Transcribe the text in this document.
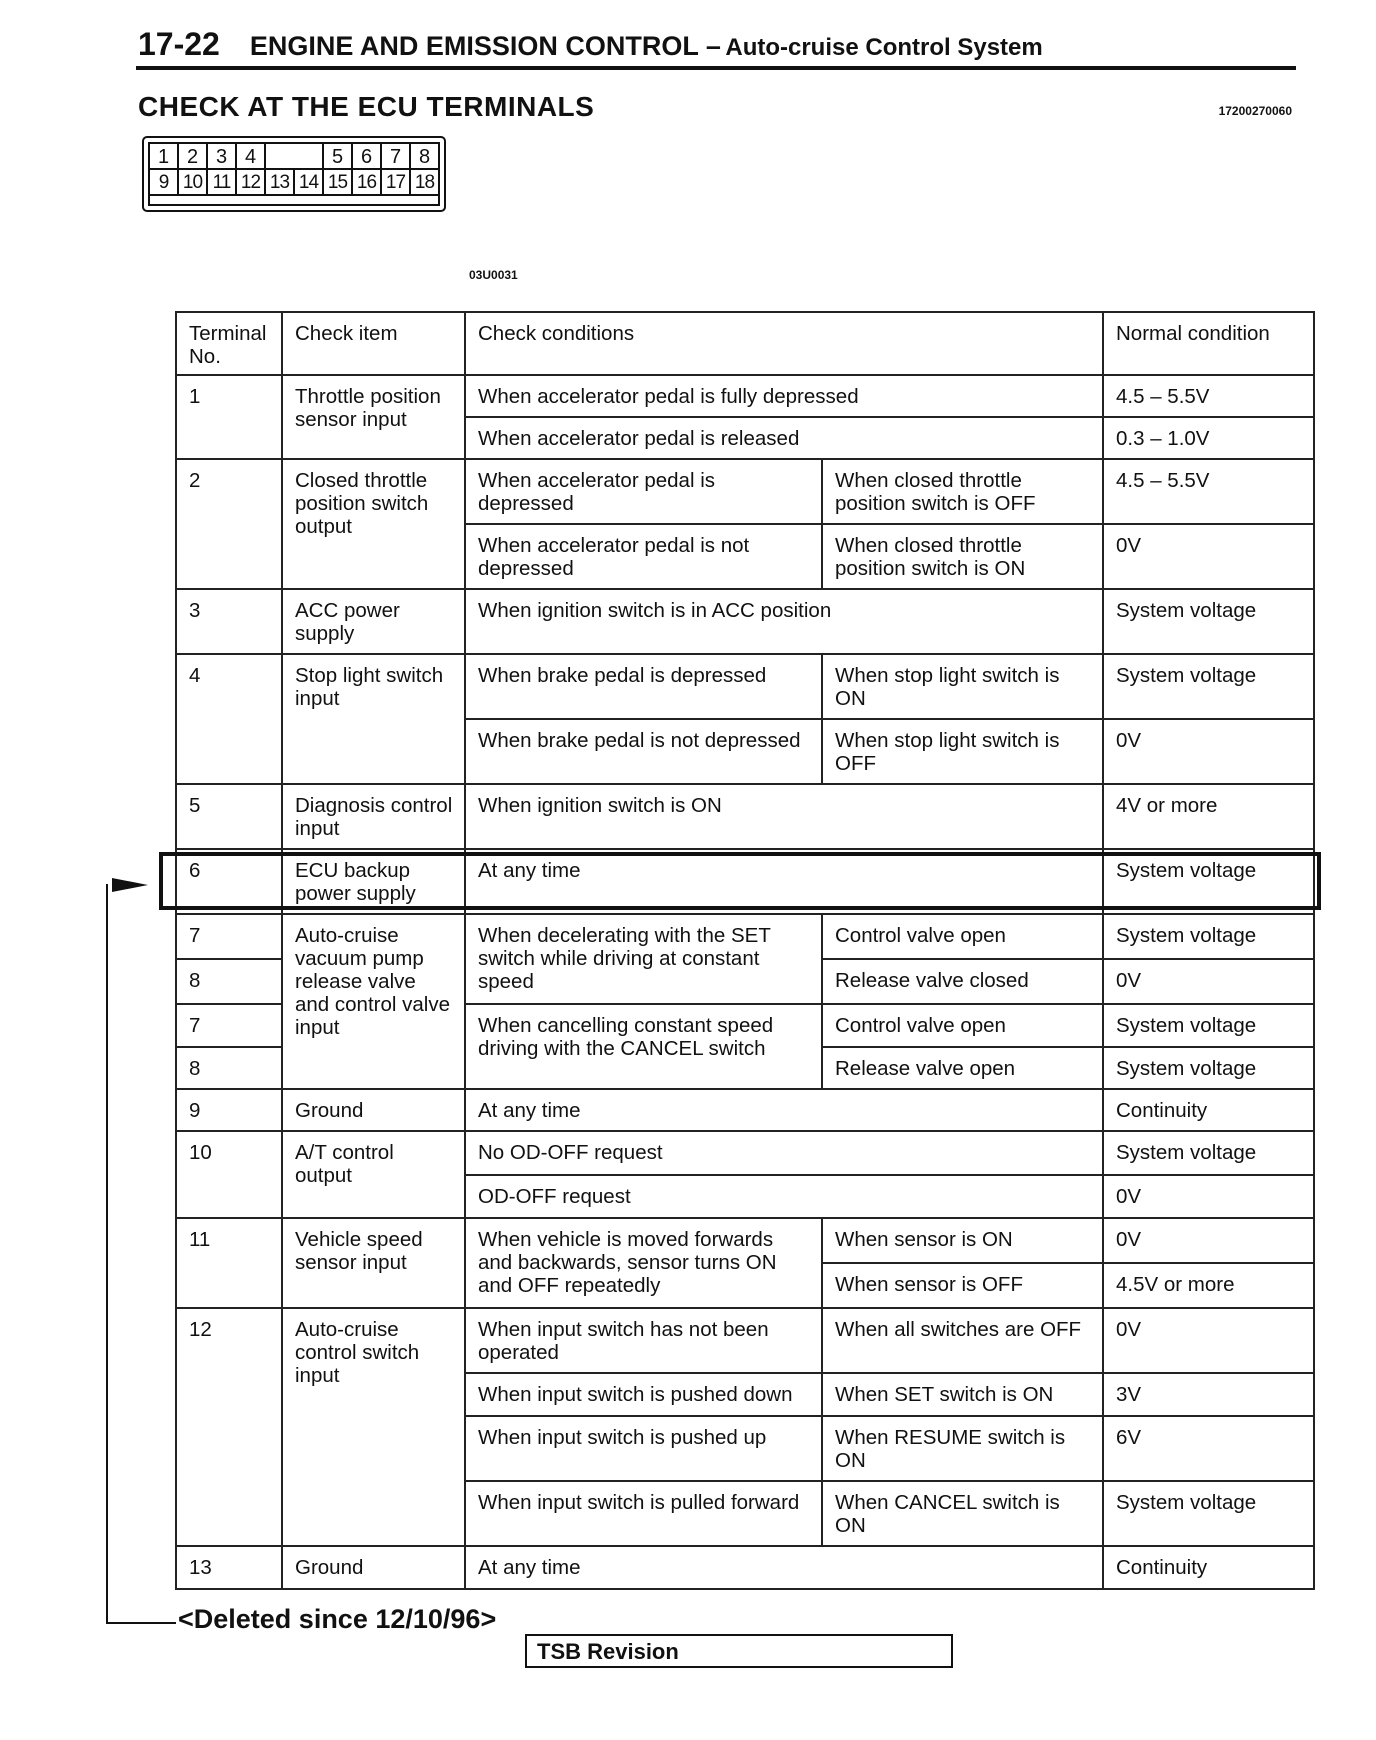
17-22 ENGINE AND EMISSION CONTROL – Auto-cruise Control System
CHECK AT THE ECU TERMINALS	17200270060
1 2 3 4	5 6 7 8
9 10 11 12 13 14 15 16 17 18
03U0031
Terminal No.	Check item	Check conditions		Normal condition
1	Throttle position sensor input	When accelerator pedal is fully depressed		4.5 – 5.5V
		When accelerator pedal is released		0.3 – 1.0V
2	Closed throttle position switch output	When accelerator pedal is depressed	When closed throttle position switch is OFF	4.5 – 5.5V
		When accelerator pedal is not depressed	When closed throttle position switch is ON	0V
3	ACC power supply	When ignition switch is in ACC position		System voltage
4	Stop light switch input	When brake pedal is depressed	When stop light switch is ON	System voltage
		When brake pedal is not depressed	When stop light switch is OFF	0V
5	Diagnosis control input	When ignition switch is ON		4V or more
6	ECU backup power supply	At any time		System voltage
7	Auto-cruise vacuum pump release valve and control valve input	When decelerating with the SET switch while driving at constant speed	Control valve open	System voltage
8			Release valve closed	0V
7		When cancelling constant speed driving with the CANCEL switch	Control valve open	System voltage
8			Release valve open	System voltage
9	Ground	At any time		Continuity
10	A/T control output	No OD-OFF request		System voltage
		OD-OFF request		0V
11	Vehicle speed sensor input	When vehicle is moved forwards and backwards, sensor turns ON and OFF repeatedly	When sensor is ON	0V
			When sensor is OFF	4.5V or more
12	Auto-cruise control switch input	When input switch has not been operated	When all switches are OFF	0V
		When input switch is pushed down	When SET switch is ON	3V
		When input switch is pushed up	When RESUME switch is ON	6V
		When input switch is pulled forward	When CANCEL switch is ON	System voltage
13	Ground	At any time		Continuity
<Deleted since 12/10/96>
TSB Revision
